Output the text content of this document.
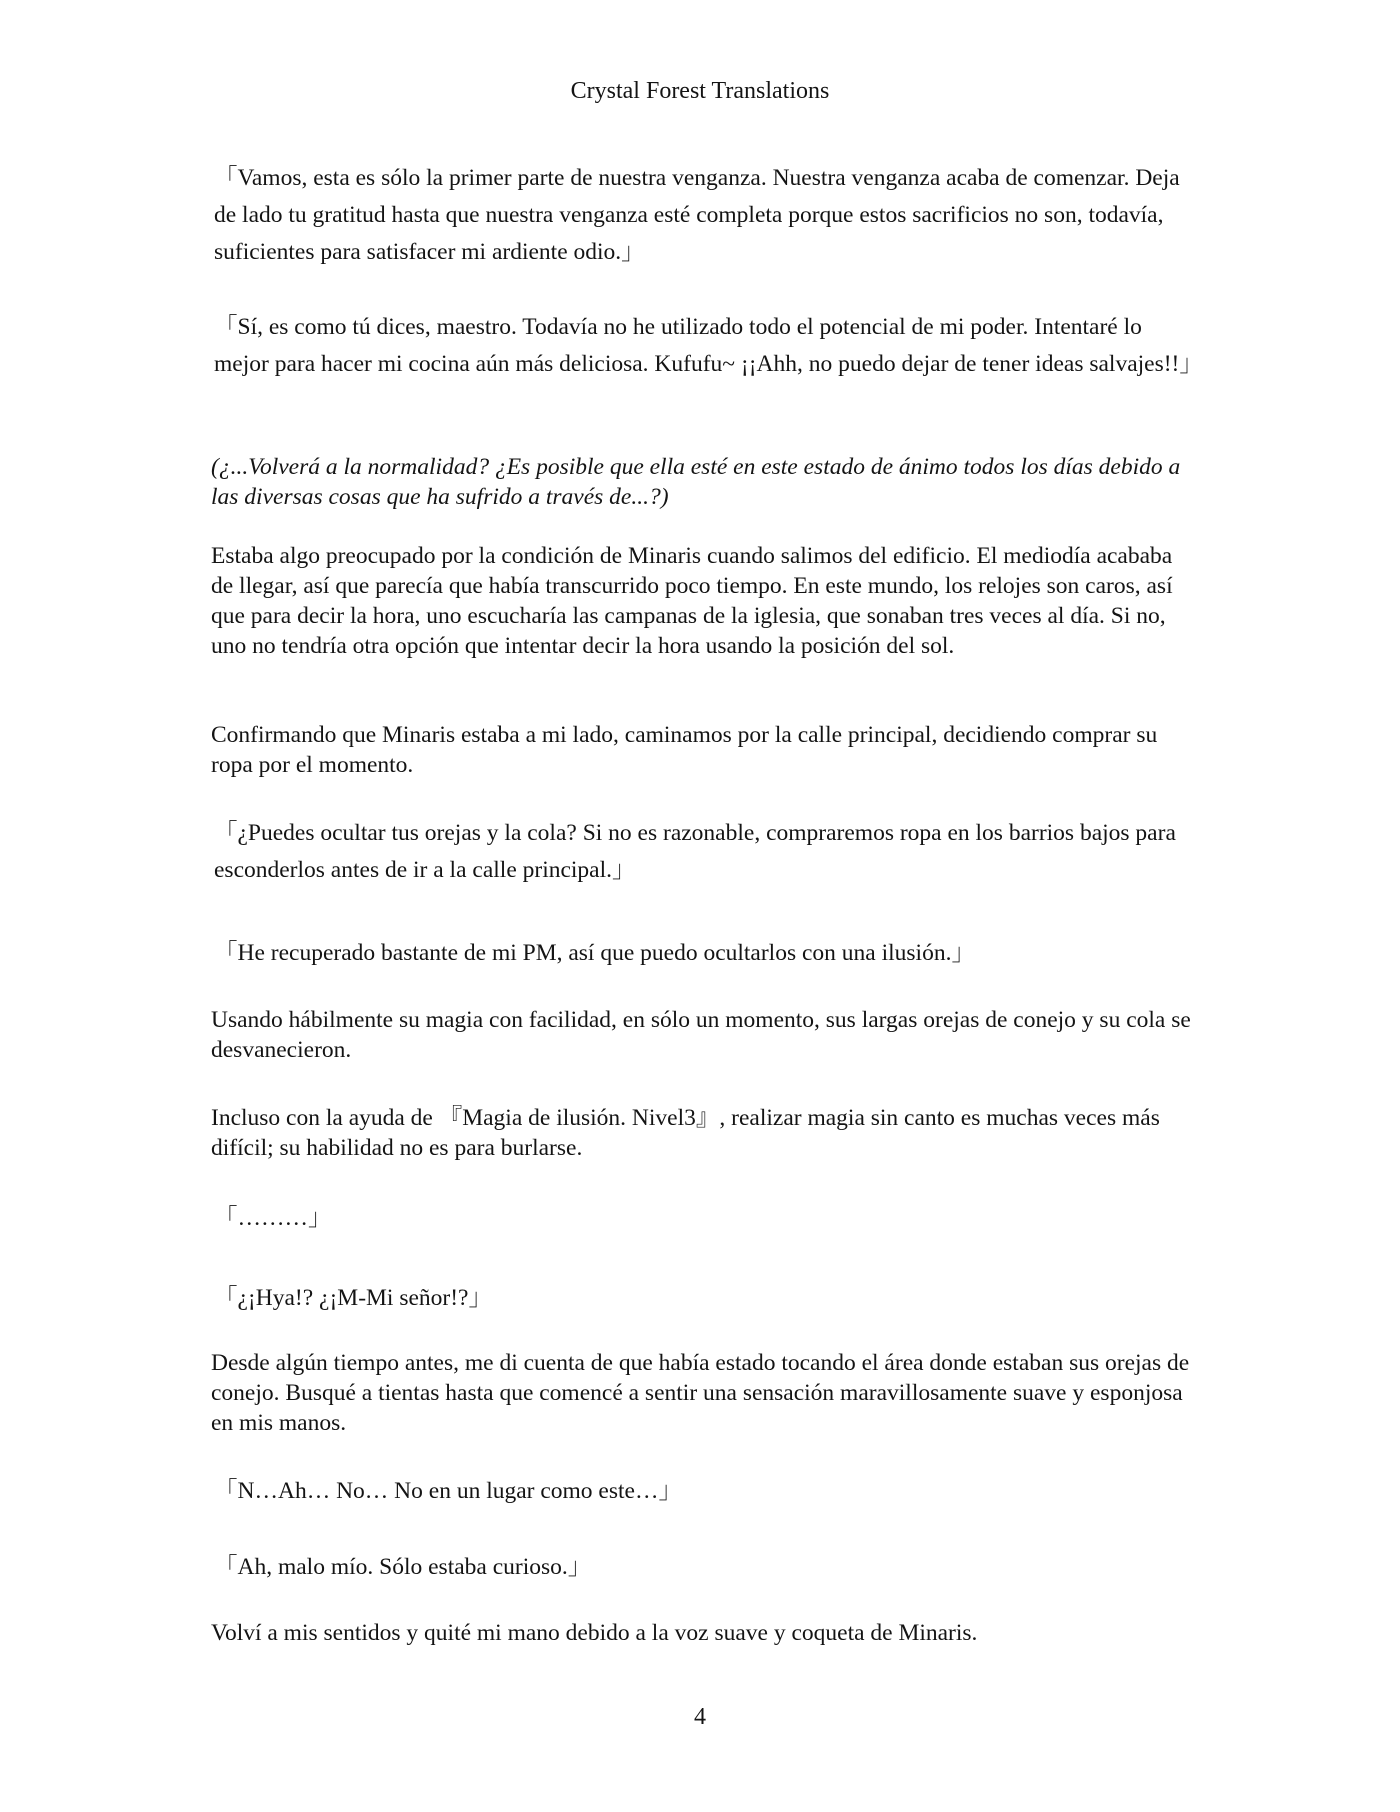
Crystal Forest Translations

「Vamos, esta es sólo la primer parte de nuestra venganza. Nuestra venganza acaba de comenzar. Deja de lado tu gratitud hasta que nuestra venganza esté completa porque estos sacrificios no son, todavía, suficientes para satisfacer mi ardiente odio.」

「Sí, es como tú dices, maestro. Todavía no he utilizado todo el potencial de mi poder. Intentaré lo mejor para hacer mi cocina aún más deliciosa. Kufufu~ ¡¡Ahh, no puedo dejar de tener ideas salvajes!!」

(¿...Volverá a la normalidad? ¿Es posible que ella esté en este estado de ánimo todos los días debido a las diversas cosas que ha sufrido a través de...?)

Estaba algo preocupado por la condición de Minaris cuando salimos del edificio. El mediodía acababa de llegar, así que parecía que había transcurrido poco tiempo. En este mundo, los relojes son caros, así que para decir la hora, uno escucharía las campanas de la iglesia, que sonaban tres veces al día. Si no, uno no tendría otra opción que intentar decir la hora usando la posición del sol.

Confirmando que Minaris estaba a mi lado, caminamos por la calle principal, decidiendo comprar su ropa por el momento.

「¿Puedes ocultar tus orejas y la cola? Si no es razonable, compraremos ropa en los barrios bajos para esconderlos antes de ir a la calle principal.」

「He recuperado bastante de mi PM, así que puedo ocultarlos con una ilusión.」

Usando hábilmente su magia con facilidad, en sólo un momento, sus largas orejas de conejo y su cola se desvanecieron.

Incluso con la ayuda de 『Magia de ilusión. Nivel3』, realizar magia sin canto es muchas veces más difícil; su habilidad no es para burlarse.

「………」

「¿¡Hya!? ¿¡M-Mi señor!?」

Desde algún tiempo antes, me di cuenta de que había estado tocando el área donde estaban sus orejas de conejo. Busqué a tientas hasta que comencé a sentir una sensación maravillosamente suave y esponjosa en mis manos.

「N…Ah… No… No en un lugar como este…」

「Ah, malo mío. Sólo estaba curioso.」

Volví a mis sentidos y quité mi mano debido a la voz suave y coqueta de Minaris.

4
